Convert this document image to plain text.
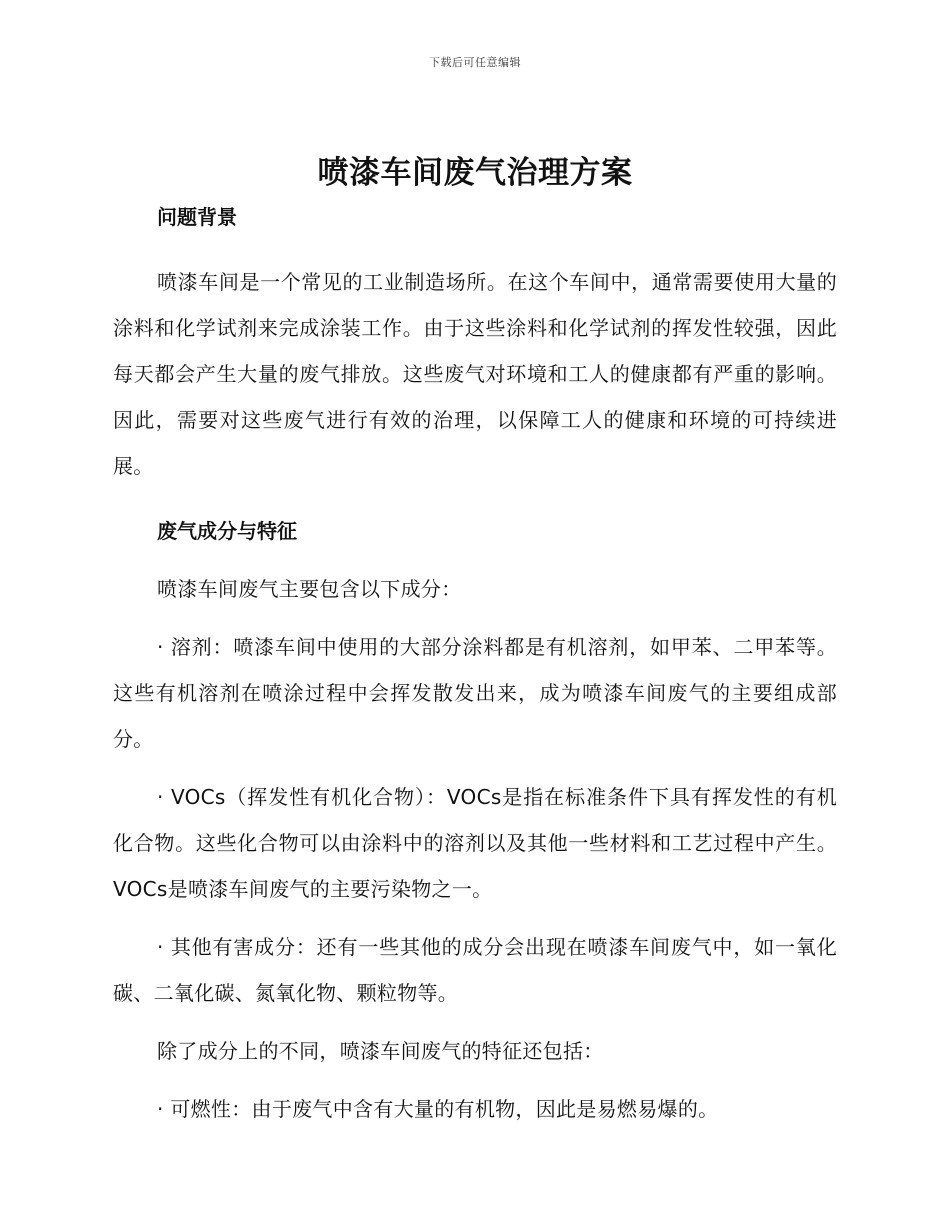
下载后可任意编辑
喷漆车间废气治理方案

问题背景

喷漆车间是一个常见的工业制造场所。在这个车间中，通常需要使用大量的涂料和化学试剂来完成涂装工作。由于这些涂料和化学试剂的挥发性较强，因此每天都会产生大量的废气排放。这些废气对环境和工人的健康都有严重的影响。因此，需要对这些废气进行有效的治理，以保障工人的健康和环境的可持续进展。

废气成分与特征

喷漆车间废气主要包含以下成分：

· 溶剂：喷漆车间中使用的大部分涂料都是有机溶剂，如甲苯、二甲苯等。这些有机溶剂在喷涂过程中会挥发散发出来，成为喷漆车间废气的主要组成部分。

· VOCs（挥发性有机化合物）：VOCs是指在标准条件下具有挥发性的有机化合物。这些化合物可以由涂料中的溶剂以及其他一些材料和工艺过程中产生。VOCs是喷漆车间废气的主要污染物之一。

· 其他有害成分：还有一些其他的成分会出现在喷漆车间废气中，如一氧化碳、二氧化碳、氮氧化物、颗粒物等。

除了成分上的不同，喷漆车间废气的特征还包括：

· 可燃性：由于废气中含有大量的有机物，因此是易燃易爆的。
